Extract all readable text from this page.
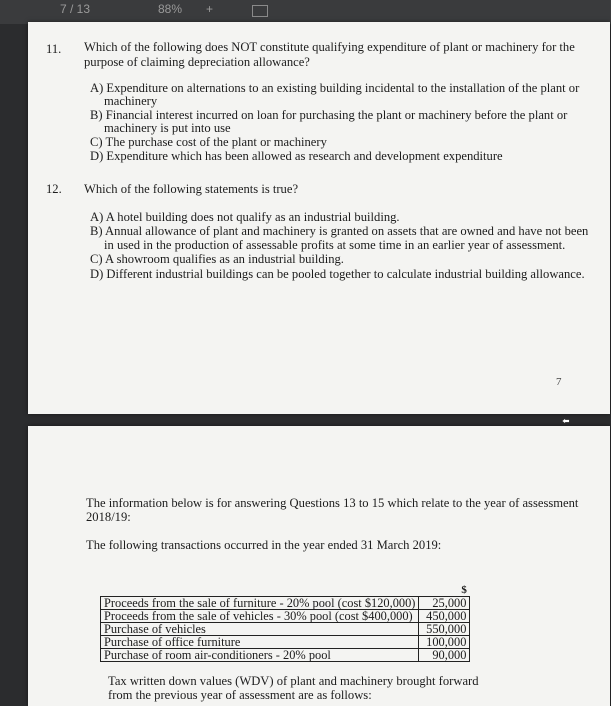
7 / 13	88% +
11. Which of the following does NOT constitute qualifying expenditure of plant or machinery for the
purpose of claiming depreciation allowance?
A) Expenditure on alternations to an existing building incidental to the installation of the plant or
machinery
B) Financial interest incurred on loan for purchasing the plant or machinery before the plant or
machinery is put into use
C) The purchase cost of the plant or machinery
D) Expenditure which has been allowed as research and development expenditure
12. Which of the following statements is true?
A) A hotel building does not qualify as an industrial building.
B) Annual allowance of plant and machinery is granted on assets that are owned and have not been
in used in the production of assessable profits at some time in an earlier year of assessment.
C) A showroom qualifies as an industrial building.
D) Different industrial buildings can be pooled together to calculate industrial building allowance.
7
The information below is for answering Questions 13 to 15 which relate to the year of assessment
2018/19:
The following transactions occurred in the year ended 31 March 2019:
	$
Proceeds from the sale of furniture - 20% pool (cost $120,000)	25,000
Proceeds from the sale of vehicles - 30% pool (cost $400,000)	450,000
Purchase of vehicles	550,000
Purchase of office furniture	100,000
Purchase of room air-conditioners - 20% pool	90,000
Tax written down values (WDV) of plant and machinery brought forward
from the previous year of assessment are as follows:
